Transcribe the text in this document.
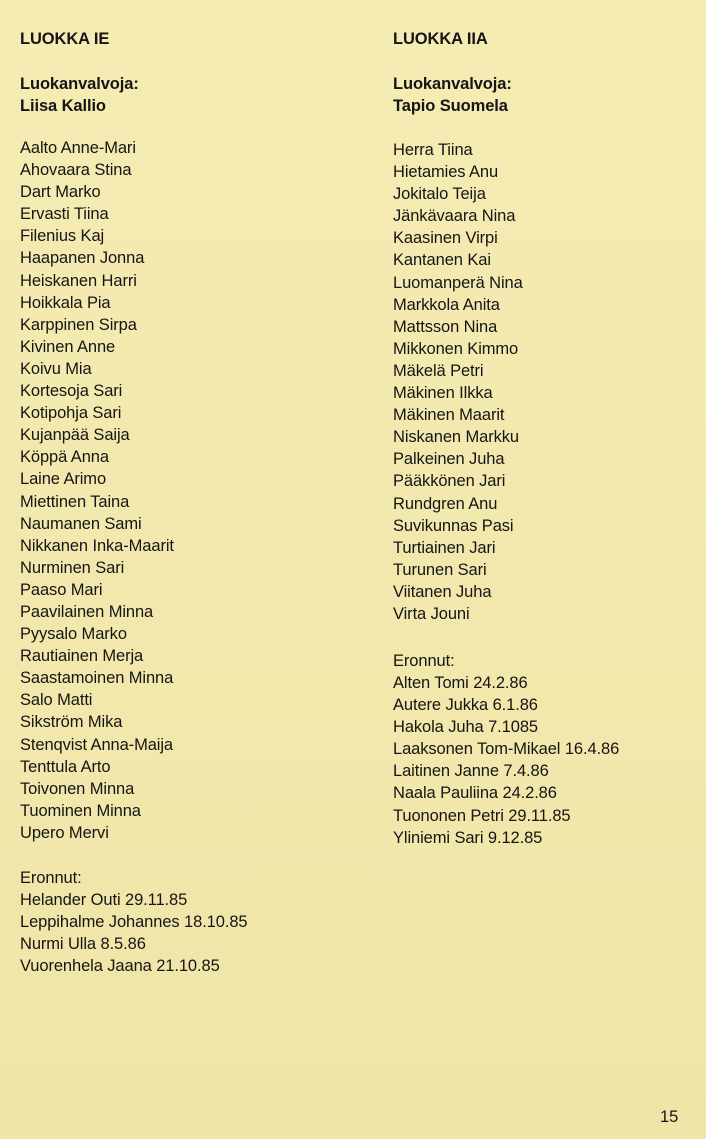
LUOKKA IE
Luokanvalvoja:
Liisa Kallio
Aalto Anne-Mari
Ahovaara Stina
Dart Marko
Ervasti Tiina
Filenius Kaj
Haapanen Jonna
Heiskanen Harri
Hoikkala Pia
Karppinen Sirpa
Kivinen Anne
Koivu Mia
Kortesoja Sari
Kotipohja Sari
Kujanpää Saija
Köppä Anna
Laine Arimo
Miettinen Taina
Naumanen Sami
Nikkanen Inka-Maarit
Nurminen Sari
Paaso Mari
Paavilainen Minna
Pyysalo Marko
Rautiainen Merja
Saastamoinen Minna
Salo Matti
Sikström Mika
Stenqvist Anna-Maija
Tenttula Arto
Toivonen Minna
Tuominen Minna
Upero Mervi
Eronnut:
Helander Outi 29.11.85
Leppihalme Johannes 18.10.85
Nurmi Ulla 8.5.86
Vuorenhela Jaana 21.10.85
LUOKKA IIA
Luokanvalvoja:
Tapio Suomela
Herra Tiina
Hietamies Anu
Jokitalo Teija
Jänkävaara Nina
Kaasinen Virpi
Kantanen Kai
Luomanperä Nina
Markkola Anita
Mattsson Nina
Mikkonen Kimmo
Mäkelä Petri
Mäkinen Ilkka
Mäkinen Maarit
Niskanen Markku
Palkeinen Juha
Pääkkönen Jari
Rundgren Anu
Suvikunnas Pasi
Turtiainen Jari
Turunen Sari
Viitanen Juha
Virta Jouni
Eronnut:
Alten Tomi 24.2.86
Autere Jukka 6.1.86
Hakola Juha 7.1085
Laaksonen Tom-Mikael 16.4.86
Laitinen Janne 7.4.86
Naala Pauliina 24.2.86
Tuononen Petri 29.11.85
Yliniemi Sari 9.12.85
15
